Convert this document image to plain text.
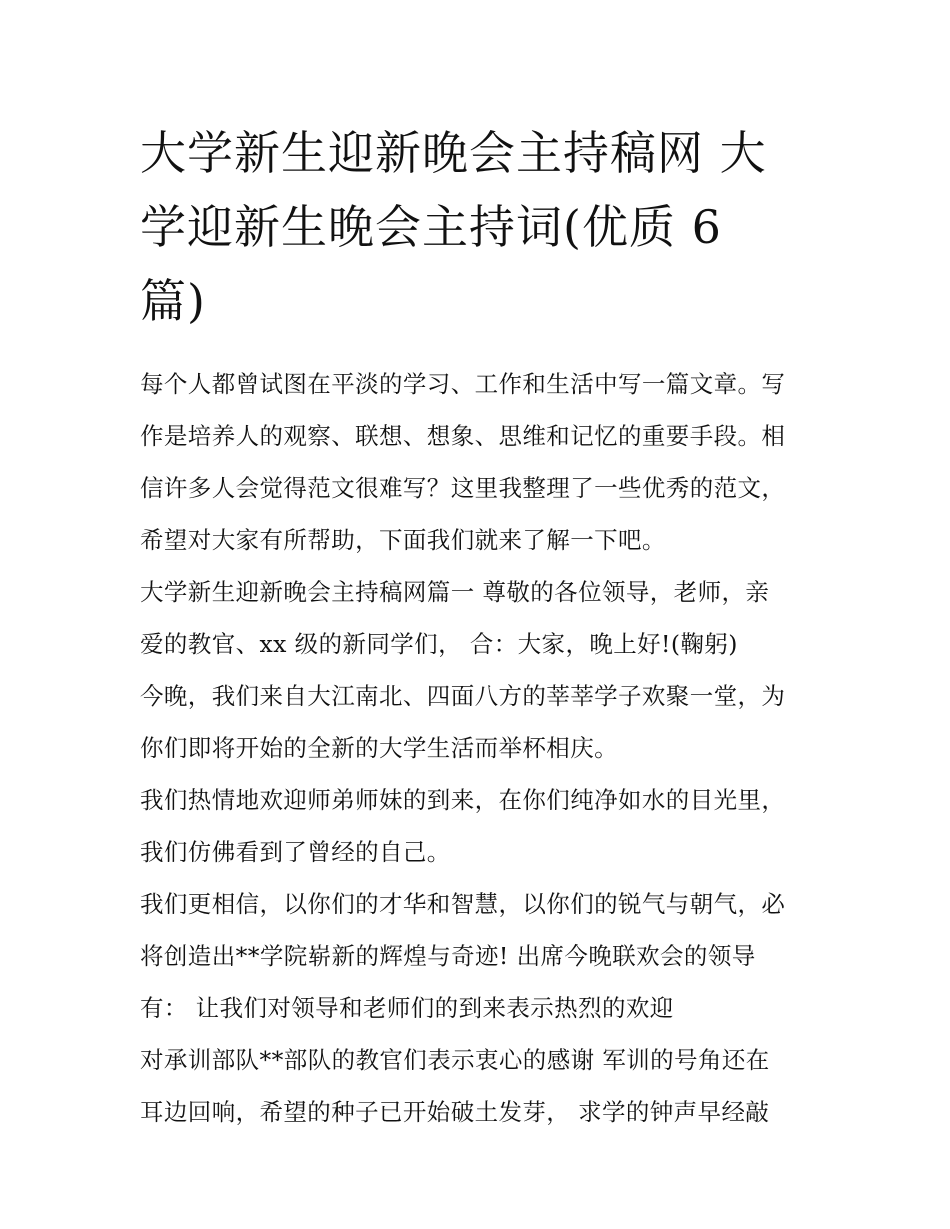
大学新生迎新晚会主持稿网 大
学迎新生晚会主持词(优质 6
篇)
每个人都曾试图在平淡的学习、工作和生活中写一篇文章。写
作是培养人的观察、联想、想象、思维和记忆的重要手段。相
信许多人会觉得范文很难写？这里我整理了一些优秀的范文，
希望对大家有所帮助，下面我们就来了解一下吧。
大学新生迎新晚会主持稿网篇一 尊敬的各位领导，老师，亲
爱的教官、xx 级的新同学们， 合：大家，晚上好!(鞠躬)
今晚，我们来自大江南北、四面八方的莘莘学子欢聚一堂，为
你们即将开始的全新的大学生活而举杯相庆。
我们热情地欢迎师弟师妹的到来，在你们纯净如水的目光里，
我们仿佛看到了曾经的自己。
我们更相信，以你们的才华和智慧，以你们的锐气与朝气，必
将创造出**学院崭新的辉煌与奇迹! 出席今晚联欢会的领导
有： 让我们对领导和老师们的到来表示热烈的欢迎
对承训部队**部队的教官们表示衷心的感谢 军训的号角还在
耳边回响，希望的种子已开始破土发芽， 求学的钟声早经敲
